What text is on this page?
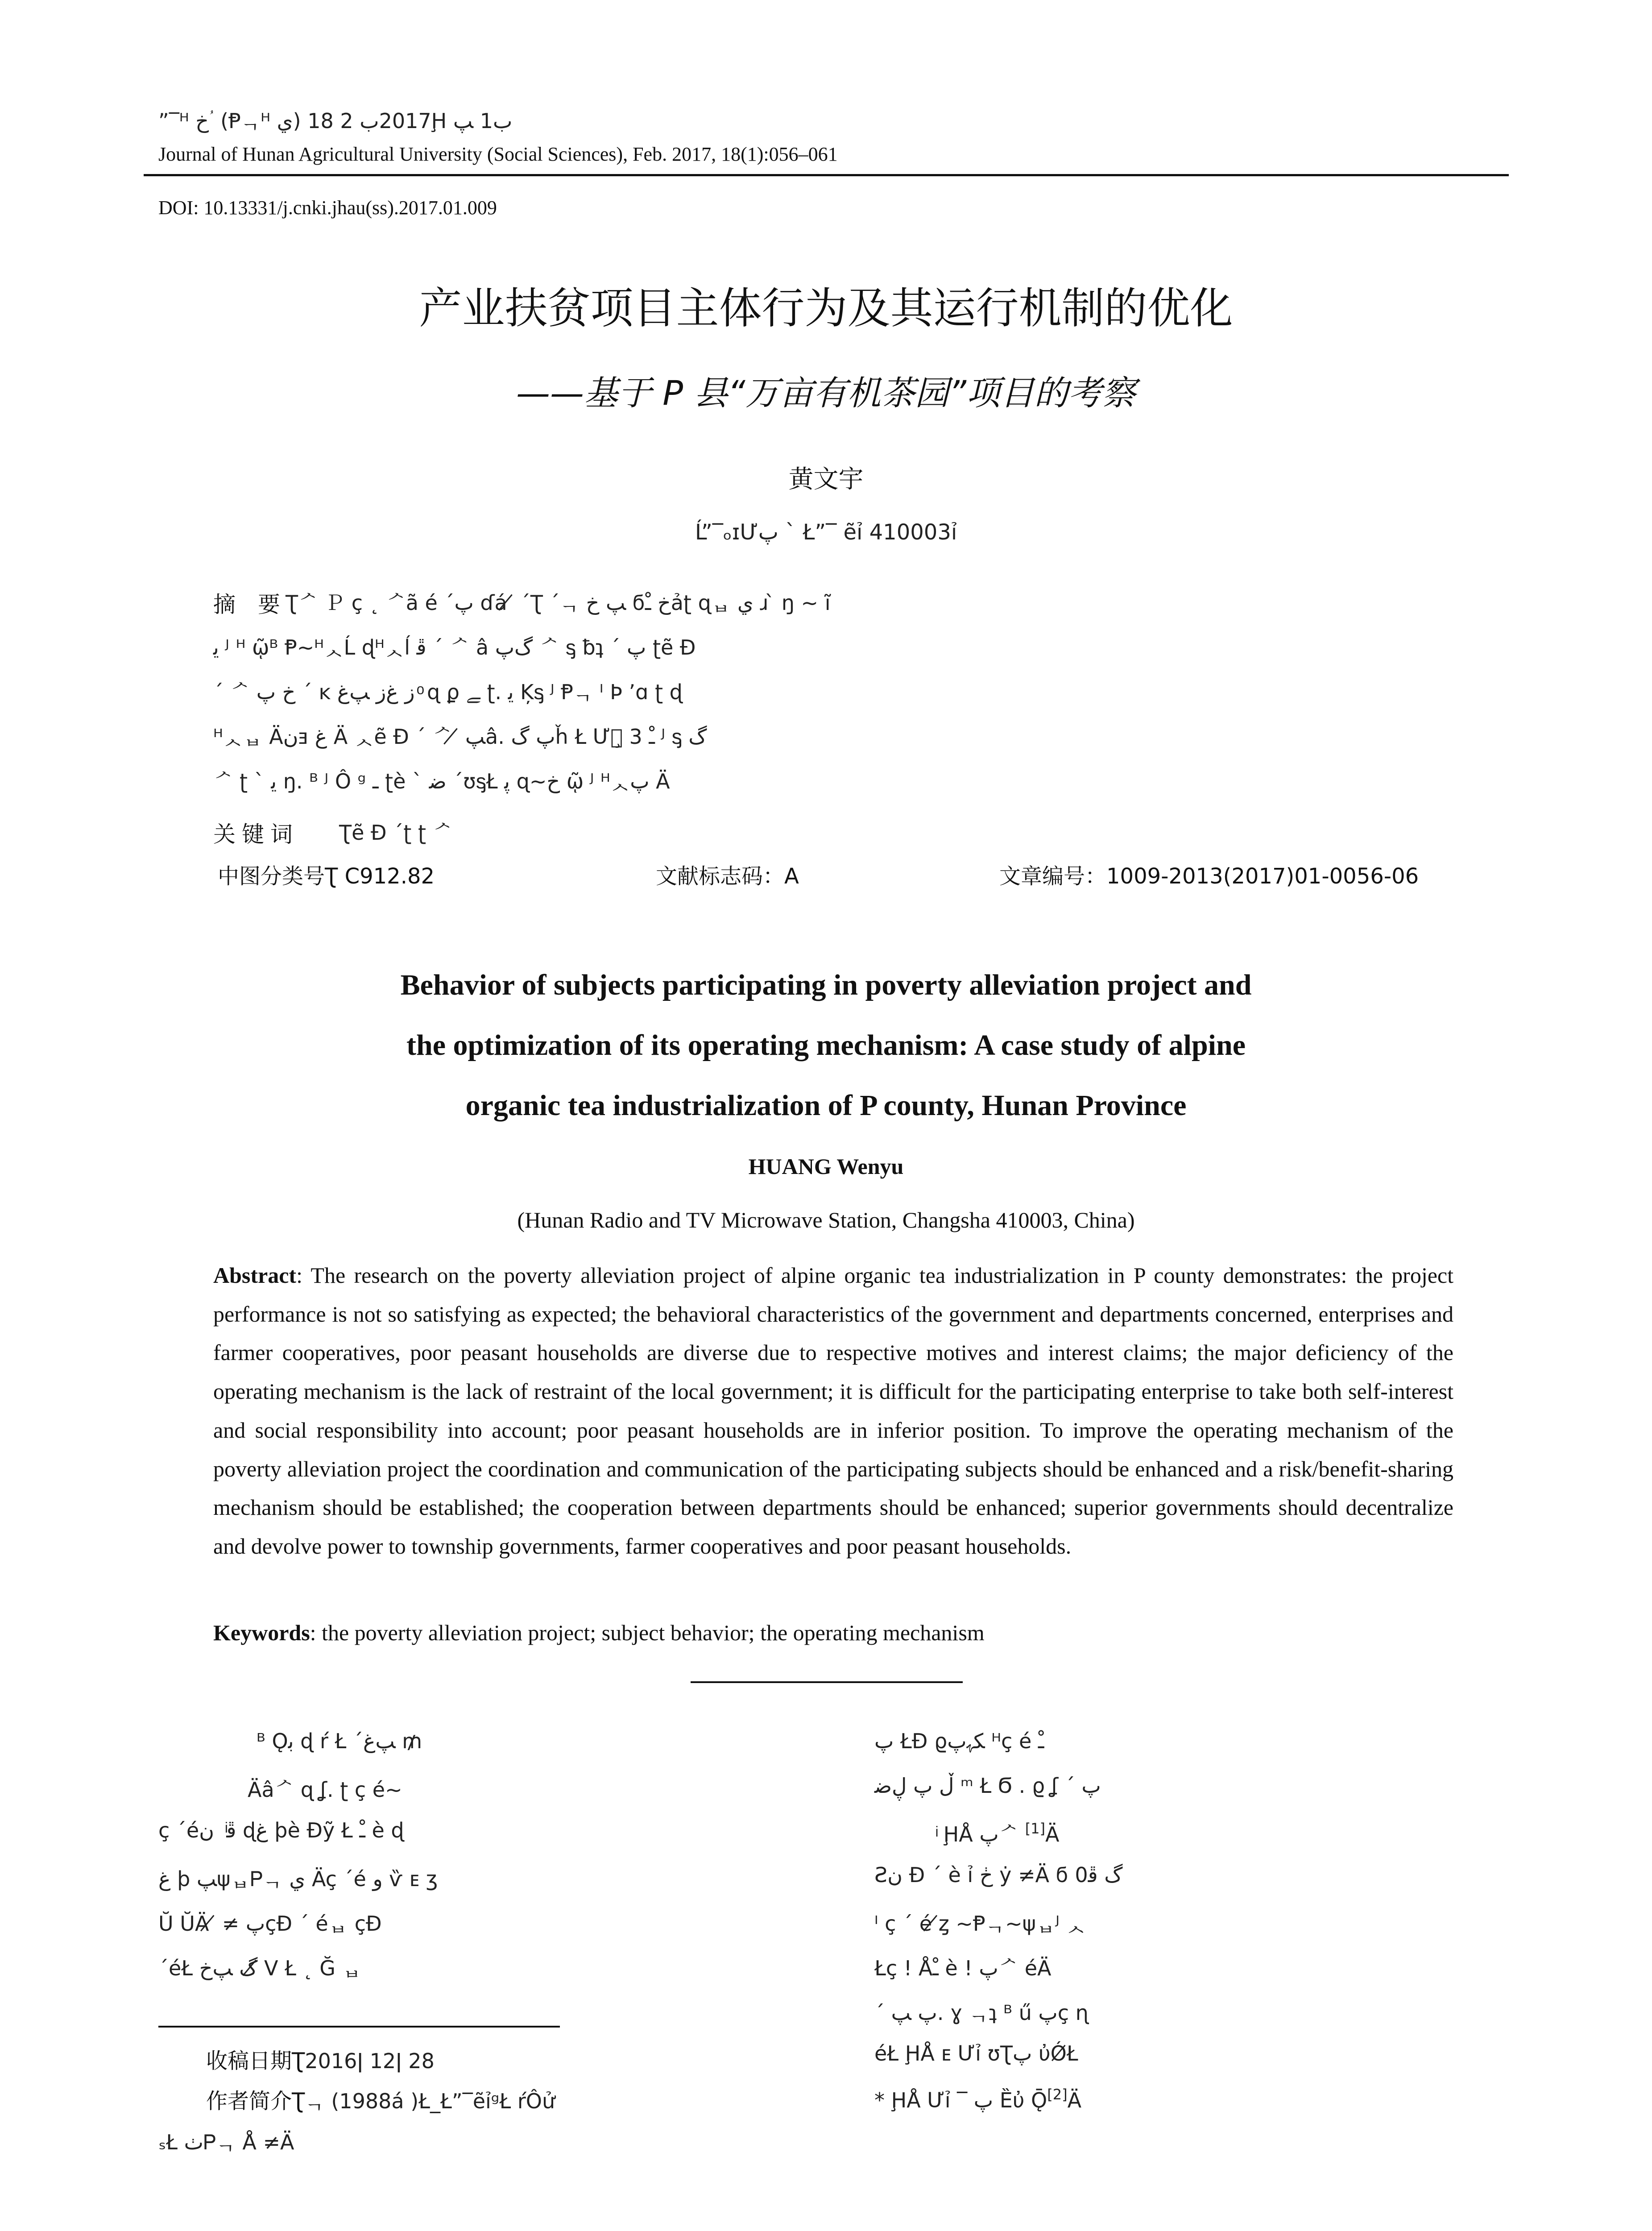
”‾ᴴ خ ؙ (Ᵽᆨᴴ ي) 2017ب 2 18Ḩ ب1 ﭗ
Journal of Hunan Agricultural University (Social Sciences), Feb. 2017, 18(1):056–061
DOI: 10.13331/j.cnki.jhau(ss).2017.01.009
产业扶贫项目主体行为及其运行机制的优化
——基于 P 县“万亩有机茶园”项目的考察
黄文宇
Ĺ”‾ₒɪƯپ ˋ Ł”‾ ẽỉ 410003ỉ
摘　要 Ʈᄼ Ｐ ç ˛ ᄼã é ˊپ ɗá ̸ ´Ʈ ˊᆨ ﭗ خ ϭخ ﹿảʈ ɋᆸ ي ɹ ̀ ŋ ~ ĩ
ﻳ ᴶ ᴴ ῷᴮ Ᵽ~ᴴᆺĹ ɖᴴᆺĺ ﭰ ˊ ᄼ â ﮒپ ᄼ ᶊ ƀʇ ´ پ ʈẽ Đ
ˊ ᄼ خ پ ´ ĸ ز ﻍز ﭗﻍ ͦ ɋ ϼ ﮯ ʈ. ﻳ Ķᶊ ᴶ Ᵽᆨ ᴵ Ϸ ʼɑ ʈ ɖ
ᴴᆺᆸ Äﻥⱻ ﻍ Ä ᆺẽ Đ ˊ ᄼ ̸ ﭗâ. پ ﮒȟ Ł Ưᆺ̧ 3 ﹿ ᴶ ᶊ گ
ᄼ ʈ ˋ ﻳ ŋ. ᴮ ᴶ Ô ᵍ ـ ʈè ˋ ﺿ ˊʊᶊŁ ﭘ ɋ~خ ῷ ᴶ ᴴᆺپ Ä
关键词 Ʈẽ Đ ˊʈ ʈ ᄼ
中图分类号Ʈ C912.82	文献标志码：A	文章编号：1009-2013(2017)01-0056-06
Behavior of subjects participating in poverty alleviation project and
the optimization of its operating mechanism: A case study of alpine
organic tea industrialization of P county, Hunan Province
HUANG Wenyu
(Hunan Radio and TV Microwave Station, Changsha 410003, China)
Abstract: The research on the poverty alleviation project of alpine organic tea industrialization in P county demonstrates: the project performance is not so satisfying as expected; the behavioral characteristics of the government and departments concerned, enterprises and farmer cooperatives, poor peasant households are diverse due to respective motives and interest claims; the major deficiency of the operating mechanism is the lack of restraint of the local government; it is difficult for the participating enterprise to take both self-interest and social responsibility into account; poor peasant households are in inferior position. To improve the operating mechanism of the poverty alleviation project the coordination and communication of the participating subjects should be enhanced and a risk/benefit-sharing mechanism should be established; the cooperation between departments should be enhanced; superior governments should decentralize and devolve power to township governments, farmer cooperatives and poor peasant households.
Keywords: the poverty alleviation project; subject behavior; the operating mechanism
ᴮ Ǫﺑ ɖ ŕ Ł ˊﭗﻍ ₥
Äâᄼ ɋ ʆ. ʈ ç é~
ç ˊéﭰ ͥ ﻥ ɖﻍ ϸè Đỹ Ł ﹿ è ɖ
ﻍ ϸ ﭗψᆸᏢᆨ ي Äç ˊé ﻭ ѷ ᴇ ʒ
Ŭ ŬÄ ̸ ≠ پçĐ ˊ éᆸ çĐ
ˊéŁ گ ﭗخ ̸V Ł ˛ Ğ ᆸ
پ ŁĐ ϱﮑﮩپ ᴴç é ﹿ
ڵ پ ڸﺿ ᵐ Ł Ϭ . ϱ ʆ ˊ پ
ͥ ḨÅ پᄼ [1]Ä
Ƨﻥ Đ ˊ è ỉ ڂ ẏ ≠Ä ϭ 0ﮒ ﭰ
ᴵ ç ˊ é ̸ȥ ~Ᵽᆨ~ψᆸᴶ ᆺ
Łç ! Åﹿ è ! پᄼ éÄ
ˊ پ ﭗ. ɣ ᆨʇ ᴮ ű پç ɳ
éŁ ḨÅ ᴇ Ưỉ ʊƮپ ὐǾŁ
* ḨÅ Ưỉ ‾ پ Ȅὐ Ǭ[2]Ä
收稿日期Ʈ2016ǀ 12ǀ 28
作者简介Ʈᆨ (1988á )Ł_Ł”‾ẽỉᵍŁ ŕÔử
ₛŁ ﭞᏢᆨ Å ≠Ä
